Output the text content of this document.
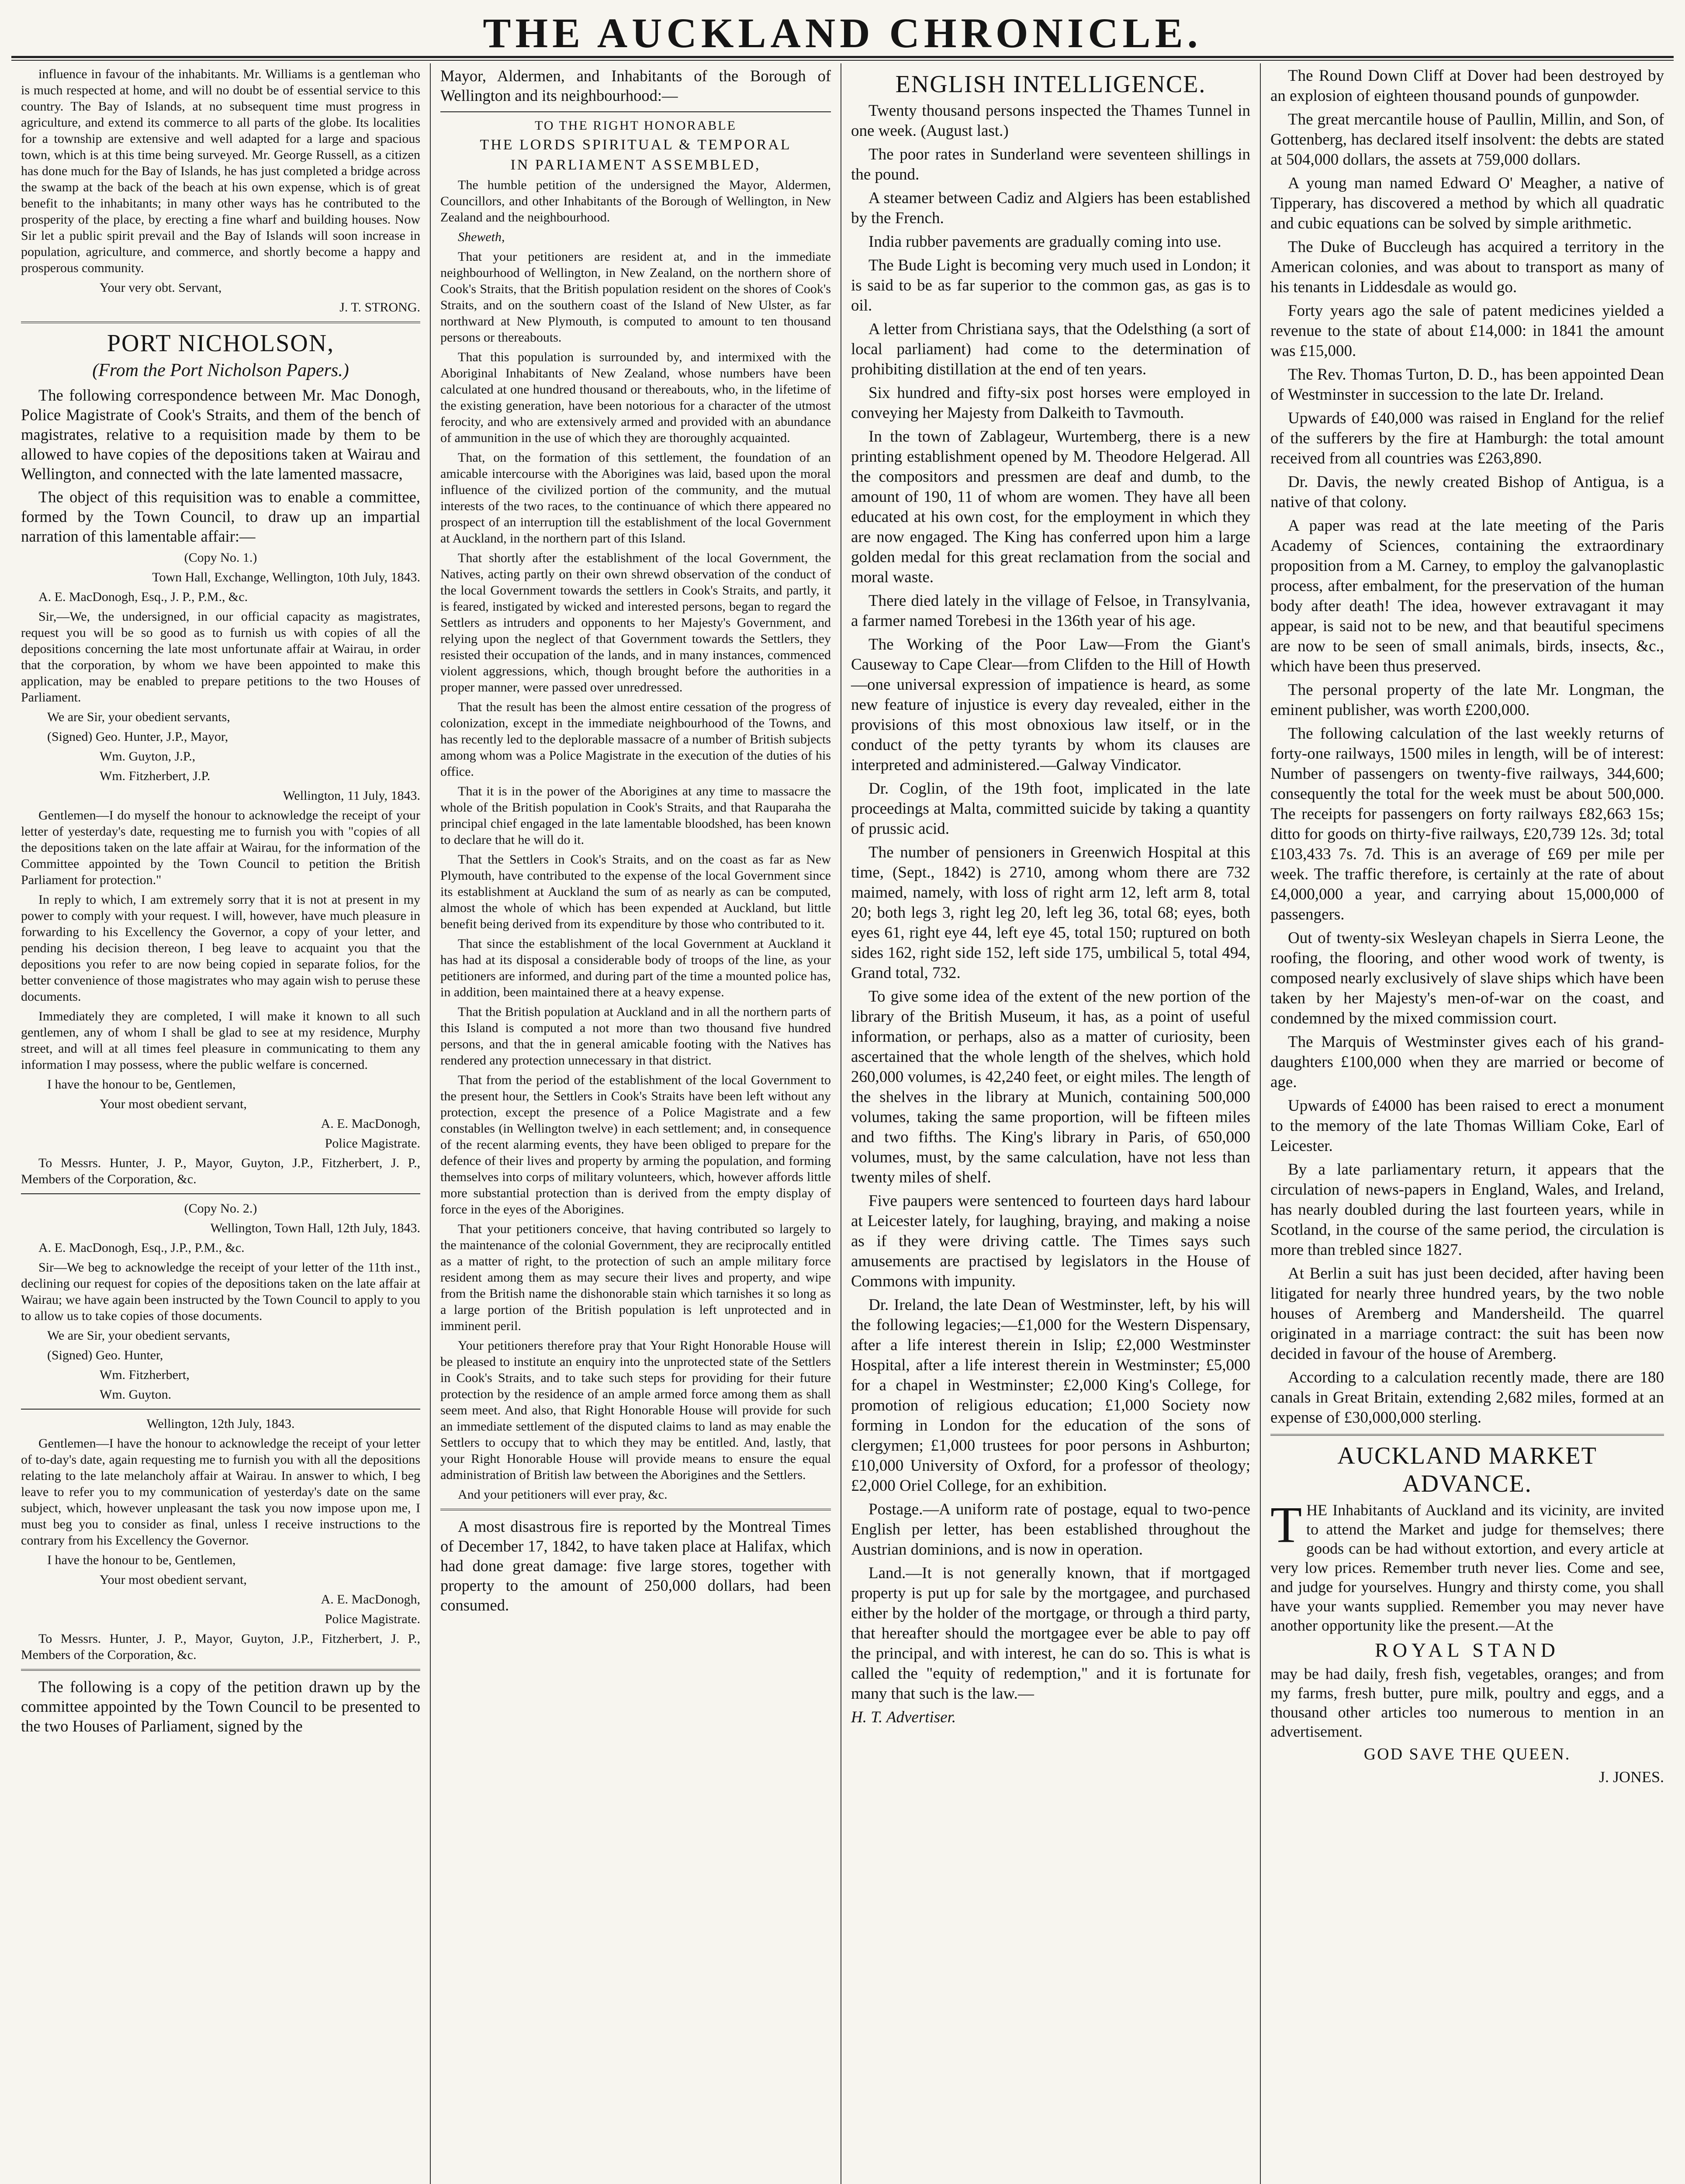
THE AUCKLAND CHRONICLE.

influence in favour of the inhabitants. Mr. Williams is a gentleman who is much respected at home, and will no doubt be of essential service to this country. The Bay of Islands, at no subsequent time must progress in agriculture, and extend its commerce to all parts of the globe. Its localities for a township are extensive and well adapted for a large and spacious town, which is at this time being surveyed. Mr. George Russell, as a citizen has done much for the Bay of Islands, he has just completed a bridge across the swamp at the back of the beach at his own expense, which is of great benefit to the inhabitants; in many other ways has he contributed to the prosperity of the place, by erecting a fine wharf and building houses. Now Sir let a public spirit prevail and the Bay of Islands will soon increase in population, agriculture, and commerce, and shortly become a happy and prosperous community.

Your very obt. Servant,

J. T. STRONG.

PORT NICHOLSON,
(From the Port Nicholson Papers.)

The following correspondence between Mr. Mac Donogh, Police Magistrate of Cook's Straits, and them of the bench of magistrates, relative to a requisition made by them to be allowed to have copies of the depositions taken at Wairau and Wellington, and connected with the late lamented massacre,

The object of this requisition was to enable a committee, formed by the Town Council, to draw up an impartial narration of this lamentable affair:—

(Copy No. 1.)

Town Hall, Exchange, Wellington, 10th July, 1843.

A. E. MacDonogh, Esq., J. P., P.M., &c.

Sir,—We, the undersigned, in our official capacity as magistrates, request you will be so good as to furnish us with copies of all the depositions concerning the late most unfortunate affair at Wairau, in order that the corporation, by whom we have been appointed to make this application, may be enabled to prepare petitions to the two Houses of Parliament.

We are Sir, your obedient servants,

(Signed) Geo. Hunter, J.P., Mayor,

Wm. Guyton, J.P.,

Wm. Fitzherbert, J.P.

Wellington, 11 July, 1843.

Gentlemen—I do myself the honour to acknowledge the receipt of your letter of yesterday's date, requesting me to furnish you with "copies of all the depositions taken on the late affair at Wairau, for the information of the Committee appointed by the Town Council to petition the British Parliament for protection."

In reply to which, I am extremely sorry that it is not at present in my power to comply with your request. I will, however, have much pleasure in forwarding to his Excellency the Governor, a copy of your letter, and pending his decision thereon, I beg leave to acquaint you that the depositions you refer to are now being copied in separate folios, for the better convenience of those magistrates who may again wish to peruse these documents.

Immediately they are completed, I will make it known to all such gentlemen, any of whom I shall be glad to see at my residence, Murphy street, and will at all times feel pleasure in communicating to them any information I may possess, where the public welfare is concerned.

I have the honour to be, Gentlemen,

Your most obedient servant,

A. E. MacDonogh,

Police Magistrate.

To Messrs. Hunter, J. P., Mayor, Guyton, J.P., Fitzherbert, J. P., Members of the Corporation, &c.

(Copy No. 2.)

Wellington, Town Hall, 12th July, 1843.

A. E. MacDonogh, Esq., J.P., P.M., &c.

Sir—We beg to acknowledge the receipt of your letter of the 11th inst., declining our request for copies of the depositions taken on the late affair at Wairau; we have again been instructed by the Town Council to apply to you to allow us to take copies of those documents.

We are Sir, your obedient servants,

(Signed) Geo. Hunter,

Wm. Fitzherbert,

Wm. Guyton.

Wellington, 12th July, 1843.

Gentlemen—I have the honour to acknowledge the receipt of your letter of to-day's date, again requesting me to furnish you with all the depositions relating to the late melancholy affair at Wairau. In answer to which, I beg leave to refer you to my communication of yesterday's date on the same subject, which, however unpleasant the task you now impose upon me, I must beg you to consider as final, unless I receive instructions to the contrary from his Excellency the Governor.

I have the honour to be, Gentlemen,

Your most obedient servant,

A. E. MacDonogh,

Police Magistrate.

To Messrs. Hunter, J. P., Mayor, Guyton, J.P., Fitzherbert, J. P., Members of the Corporation, &c.

The following is a copy of the petition drawn up by the committee appointed by the Town Council to be presented to the two Houses of Parliament, signed by the

Mayor, Aldermen, and Inhabitants of the Borough of Wellington and its neighbourhood:—

TO THE RIGHT HONORABLE

THE LORDS SPIRITUAL & TEMPORAL

IN PARLIAMENT ASSEMBLED,

The humble petition of the undersigned the Mayor, Aldermen, Councillors, and other Inhabitants of the Borough of Wellington, in New Zealand and the neighbourhood.

Sheweth,

That your petitioners are resident at, and in the immediate neighbourhood of Wellington, in New Zealand, on the northern shore of Cook's Straits, that the British population resident on the shores of Cook's Straits, and on the southern coast of the Island of New Ulster, as far northward at New Plymouth, is computed to amount to ten thousand persons or thereabouts.

That this population is surrounded by, and intermixed with the Aboriginal Inhabitants of New Zealand, whose numbers have been calculated at one hundred thousand or thereabouts, who, in the lifetime of the existing generation, have been notorious for a character of the utmost ferocity, and who are extensively armed and provided with an abundance of ammunition in the use of which they are thoroughly acquainted.

That, on the formation of this settlement, the foundation of an amicable intercourse with the Aborigines was laid, based upon the moral influence of the civilized portion of the community, and the mutual interests of the two races, to the continuance of which there appeared no prospect of an interruption till the establishment of the local Government at Auckland, in the northern part of this Island.

That shortly after the establishment of the local Government, the Natives, acting partly on their own shrewd observation of the conduct of the local Government towards the settlers in Cook's Straits, and partly, it is feared, instigated by wicked and interested persons, began to regard the Settlers as intruders and opponents to her Majesty's Government, and relying upon the neglect of that Government towards the Settlers, they resisted their occupation of the lands, and in many instances, commenced violent aggressions, which, though brought before the authorities in a proper manner, were passed over unredressed.

That the result has been the almost entire cessation of the progress of colonization, except in the immediate neighbourhood of the Towns, and has recently led to the deplorable massacre of a number of British subjects among whom was a Police Magistrate in the execution of the duties of his office.

That it is in the power of the Aborigines at any time to massacre the whole of the British population in Cook's Straits, and that Rauparaha the principal chief engaged in the late lamentable bloodshed, has been known to declare that he will do it.

That the Settlers in Cook's Straits, and on the coast as far as New Plymouth, have contributed to the expense of the local Government since its establishment at Auckland the sum of as nearly as can be computed, almost the whole of which has been expended at Auckland, but little benefit being derived from its expenditure by those who contributed to it.

That since the establishment of the local Government at Auckland it has had at its disposal a considerable body of troops of the line, as your petitioners are informed, and during part of the time a mounted police has, in addition, been maintained there at a heavy expense.

That the British population at Auckland and in all the northern parts of this Island is computed a not more than two thousand five hundred persons, and that the in general amicable footing with the Natives has rendered any protection unnecessary in that district.

That from the period of the establishment of the local Government to the present hour, the Settlers in Cook's Straits have been left without any protection, except the presence of a Police Magistrate and a few constables (in Wellington twelve) in each settlement; and, in consequence of the recent alarming events, they have been obliged to prepare for the defence of their lives and property by arming the population, and forming themselves into corps of military volunteers, which, however affords little more substantial protection than is derived from the empty display of force in the eyes of the Aborigines.

That your petitioners conceive, that having contributed so largely to the maintenance of the colonial Government, they are reciprocally entitled as a matter of right, to the protection of such an ample military force resident among them as may secure their lives and property, and wipe from the British name the dishonorable stain which tarnishes it so long as a large portion of the British population is left unprotected and in imminent peril.

Your petitioners therefore pray that Your Right Honorable House will be pleased to institute an enquiry into the unprotected state of the Settlers in Cook's Straits, and to take such steps for providing for their future protection by the residence of an ample armed force among them as shall seem meet. And also, that Right Honorable House will provide for such an immediate settlement of the disputed claims to land as may enable the Settlers to occupy that to which they may be entitled. And, lastly, that your Right Honorable House will provide means to ensure the equal administration of British law between the Aborigines and the Settlers.

And your petitioners will ever pray, &c.

A most disastrous fire is reported by the Montreal Times of December 17, 1842, to have taken place at Halifax, which had done great damage: five large stores, together with property to the amount of 250,000 dollars, had been consumed.

ENGLISH INTELLIGENCE.

Twenty thousand persons inspected the Thames Tunnel in one week. (August last.)

The poor rates in Sunderland were seventeen shillings in the pound.

A steamer between Cadiz and Algiers has been established by the French.

India rubber pavements are gradually coming into use.

The Bude Light is becoming very much used in London; it is said to be as far superior to the common gas, as gas is to oil.

A letter from Christiana says, that the Odelsthing (a sort of local parliament) had come to the determination of prohibiting distillation at the end of ten years.

Six hundred and fifty-six post horses were employed in conveying her Majesty from Dalkeith to Tavmouth.

In the town of Zablageur, Wurtemberg, there is a new printing establishment opened by M. Theodore Helgerad. All the compositors and pressmen are deaf and dumb, to the amount of 190, 11 of whom are women. They have all been educated at his own cost, for the employment in which they are now engaged. The King has conferred upon him a large golden medal for this great reclamation from the social and moral waste.

There died lately in the village of Felsoe, in Transylvania, a farmer named Torebesi in the 136th year of his age.

The Working of the Poor Law—From the Giant's Causeway to Cape Clear—from Clifden to the Hill of Howth—one universal expression of impatience is heard, as some new feature of injustice is every day revealed, either in the provisions of this most obnoxious law itself, or in the conduct of the petty tyrants by whom its clauses are interpreted and administered.—Galway Vindicator.

Dr. Coglin, of the 19th foot, implicated in the late proceedings at Malta, committed suicide by taking a quantity of prussic acid.

The number of pensioners in Greenwich Hospital at this time, (Sept., 1842) is 2710, among whom there are 732 maimed, namely, with loss of right arm 12, left arm 8, total 20; both legs 3, right leg 20, left leg 36, total 68; eyes, both eyes 61, right eye 44, left eye 45, total 150; ruptured on both sides 162, right side 152, left side 175, umbilical 5, total 494, Grand total, 732.

To give some idea of the extent of the new portion of the library of the British Museum, it has, as a point of useful information, or perhaps, also as a matter of curiosity, been ascertained that the whole length of the shelves, which hold 260,000 volumes, is 42,240 feet, or eight miles. The length of the shelves in the library at Munich, containing 500,000 volumes, taking the same proportion, will be fifteen miles and two fifths. The King's library in Paris, of 650,000 volumes, must, by the same calculation, have not less than twenty miles of shelf.

Five paupers were sentenced to fourteen days hard labour at Leicester lately, for laughing, braying, and making a noise as if they were driving cattle. The Times says such amusements are practised by legislators in the House of Commons with impunity.

Dr. Ireland, the late Dean of Westminster, left, by his will the following legacies;—£1,000 for the Western Dispensary, after a life interest therein in Islip; £2,000 Westminster Hospital, after a life interest therein in Westminster; £5,000 for a chapel in Westminster; £2,000 King's College, for promotion of religious education; £1,000 Society now forming in London for the education of the sons of clergymen; £1,000 trustees for poor persons in Ashburton; £10,000 University of Oxford, for a professor of theology; £2,000 Oriel College, for an exhibition.

Postage.—A uniform rate of postage, equal to two-pence English per letter, has been established throughout the Austrian dominions, and is now in operation.

Land.—It is not generally known, that if mortgaged property is put up for sale by the mortgagee, and purchased either by the holder of the mortgage, or through a third party, that hereafter should the mortgagee ever be able to pay off the principal, and with interest, he can do so. This is what is called the "equity of redemption," and it is fortunate for many that such is the law.—

H. T. Advertiser.

The Round Down Cliff at Dover had been destroyed by an explosion of eighteen thousand pounds of gunpowder.

The great mercantile house of Paullin, Millin, and Son, of Gottenberg, has declared itself insolvent: the debts are stated at 504,000 dollars, the assets at 759,000 dollars.

A young man named Edward O' Meagher, a native of Tipperary, has discovered a method by which all quadratic and cubic equations can be solved by simple arithmetic.

The Duke of Buccleugh has acquired a territory in the American colonies, and was about to transport as many of his tenants in Liddesdale as would go.

Forty years ago the sale of patent medicines yielded a revenue to the state of about £14,000: in 1841 the amount was £15,000.

The Rev. Thomas Turton, D. D., has been appointed Dean of Westminster in succession to the late Dr. Ireland.

Upwards of £40,000 was raised in England for the relief of the sufferers by the fire at Hamburgh: the total amount received from all countries was £263,890.

Dr. Davis, the newly created Bishop of Antigua, is a native of that colony.

A paper was read at the late meeting of the Paris Academy of Sciences, containing the extraordinary proposition from a M. Carney, to employ the galvanoplastic process, after embalment, for the preservation of the human body after death! The idea, however extravagant it may appear, is said not to be new, and that beautiful specimens are now to be seen of small animals, birds, insects, &c., which have been thus preserved.

The personal property of the late Mr. Longman, the eminent publisher, was worth £200,000.

The following calculation of the last weekly returns of forty-one railways, 1500 miles in length, will be of interest: Number of passengers on twenty-five railways, 344,600; consequently the total for the week must be about 500,000. The receipts for passengers on forty railways £82,663 15s; ditto for goods on thirty-five railways, £20,739 12s. 3d; total £103,433 7s. 7d. This is an average of £69 per mile per week. The traffic therefore, is certainly at the rate of about £4,000,000 a year, and carrying about 15,000,000 of passengers.

Out of twenty-six Wesleyan chapels in Sierra Leone, the roofing, the flooring, and other wood work of twenty, is composed nearly exclusively of slave ships which have been taken by her Majesty's men-of-war on the coast, and condemned by the mixed commission court.

The Marquis of Westminster gives each of his grand-daughters £100,000 when they are married or become of age.

Upwards of £4000 has been raised to erect a monument to the memory of the late Thomas William Coke, Earl of Leicester.

By a late parliamentary return, it appears that the circulation of news-papers in England, Wales, and Ireland, has nearly doubled during the last fourteen years, while in Scotland, in the course of the same period, the circulation is more than trebled since 1827.

At Berlin a suit has just been decided, after having been litigated for nearly three hundred years, by the two noble houses of Aremberg and Mandersheild. The quarrel originated in a marriage contract: the suit has been now decided in favour of the house of Aremberg.

According to a calculation recently made, there are 180 canals in Great Britain, extending 2,682 miles, formed at an expense of £30,000,000 sterling.

AUCKLAND MARKET ADVANCE.

THE Inhabitants of Auckland and its vicinity, are invited to attend the Market and judge for themselves; there goods can be had without extortion, and every article at very low prices. Remember truth never lies. Come and see, and judge for yourselves. Hungry and thirsty come, you shall have your wants supplied. Remember you may never have another opportunity like the present.—At the

ROYAL STAND

may be had daily, fresh fish, vegetables, oranges; and from my farms, fresh butter, pure milk, poultry and eggs, and a thousand other articles too numerous to mention in an advertisement.

GOD SAVE THE QUEEN.

J. JONES.
